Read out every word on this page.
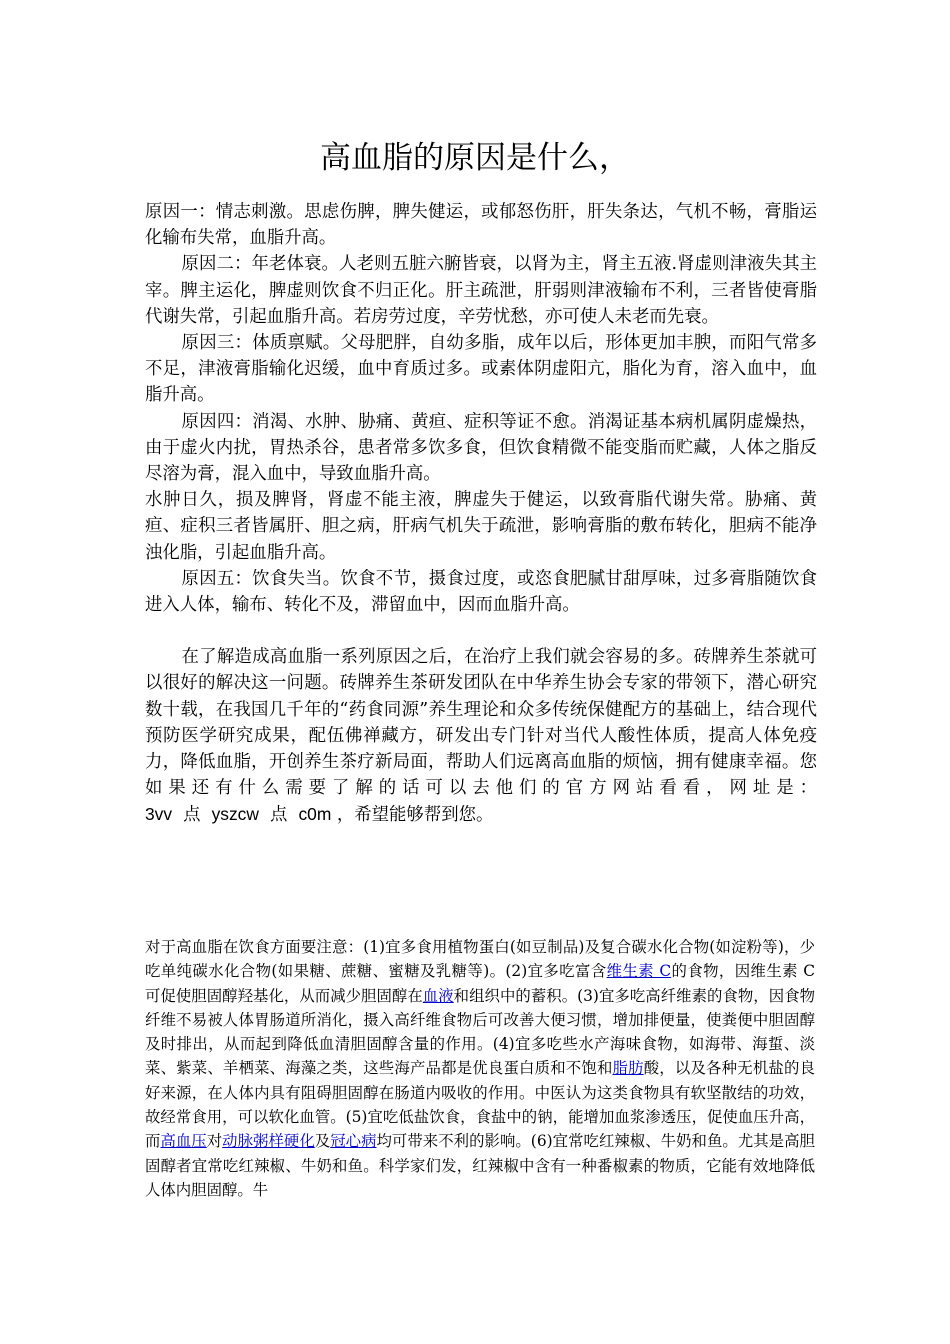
高血脂的原因是什么，

原因一：情志刺激。思虑伤脾，脾失健运，或郁怒伤肝，肝失条达，气机不畅，膏脂运化输布失常，血脂升高。

原因二：年老体衰。人老则五脏六腑皆衰，以肾为主，肾主五液.肾虚则津液失其主宰。脾主运化，脾虚则饮食不归正化。肝主疏泄，肝弱则津液输布不利，三者皆使膏脂代谢失常，引起血脂升高。若房劳过度，辛劳忧愁，亦可使人未老而先衰。

原因三：体质禀赋。父母肥胖，自幼多脂，成年以后，形体更加丰腴，而阳气常多不足，津液膏脂输化迟缓，血中育质过多。或素体阴虚阳亢，脂化为育，溶入血中，血脂升高。

原因四：消渴、水肿、胁痛、黄疸、症积等证不愈。消渴证基本病机属阴虚燥热，由于虚火内扰，胃热杀谷，患者常多饮多食，但饮食精微不能变脂而贮藏，人体之脂反尽溶为膏，混入血中，导致血脂升高。

水肿日久，损及脾肾，肾虚不能主液，脾虚失于健运，以致膏脂代谢失常。胁痛、黄疸、症积三者皆属肝、胆之病，肝病气机失于疏泄，影响膏脂的敷布转化，胆病不能净浊化脂，引起血脂升高。

原因五：饮食失当。饮食不节，摄食过度，或恣食肥腻甘甜厚味，过多膏脂随饮食进入人体，输布、转化不及，滞留血中，因而血脂升高。

在了解造成高血脂一系列原因之后，在治疗上我们就会容易的多。砖牌养生茶就可以很好的解决这一问题。砖牌养生茶研发团队在中华养生协会专家的带领下，潜心研究数十载，在我国几千年的“药食同源”养生理论和众多传统保健配方的基础上，结合现代预防医学研究成果，配伍佛禅藏方，研发出专门针对当代人酸性体质，提高人体免疫力，降低血脂，开创养生茶疗新局面，帮助人们远离高血脂的烦恼，拥有健康幸福。您如果还有什么需要了解的话可以去他们的官方网站看看，网址是：3vv 点 yszcw 点 c0m ，希望能够帮到您。

对于高血脂在饮食方面要注意：(1)宜多食用植物蛋白(如豆制品)及复合碳水化合物(如淀粉等)，少吃单纯碳水化合物(如果糖、蔗糖、蜜糖及乳糖等)。(2)宜多吃富含维生素 C的食物，因维生素 C 可促使胆固醇羟基化，从而减少胆固醇在血液和组织中的蓄积。(3)宜多吃高纤维素的食物，因食物纤维不易被人体胃肠道所消化，摄入高纤维食物后可改善大便习惯，增加排便量，使粪便中胆固醇及时排出，从而起到降低血清胆固醇含量的作用。(4)宜多吃些水产海味食物，如海带、海蜇、淡菜、紫菜、羊栖菜、海藻之类，这些海产品都是优良蛋白质和不饱和脂肪酸，以及各种无机盐的良好来源，在人体内具有阻碍胆固醇在肠道内吸收的作用。中医认为这类食物具有软坚散结的功效，故经常食用，可以软化血管。(5)宜吃低盐饮食，食盐中的钠，能增加血浆渗透压，促使血压升高，而高血压对动脉粥样硬化及冠心病均可带来不利的影响。(6)宜常吃红辣椒、牛奶和鱼。尤其是高胆固醇者宜常吃红辣椒、牛奶和鱼。科学家们发，红辣椒中含有一种番椒素的物质，它能有效地降低人体内胆固醇。牛
